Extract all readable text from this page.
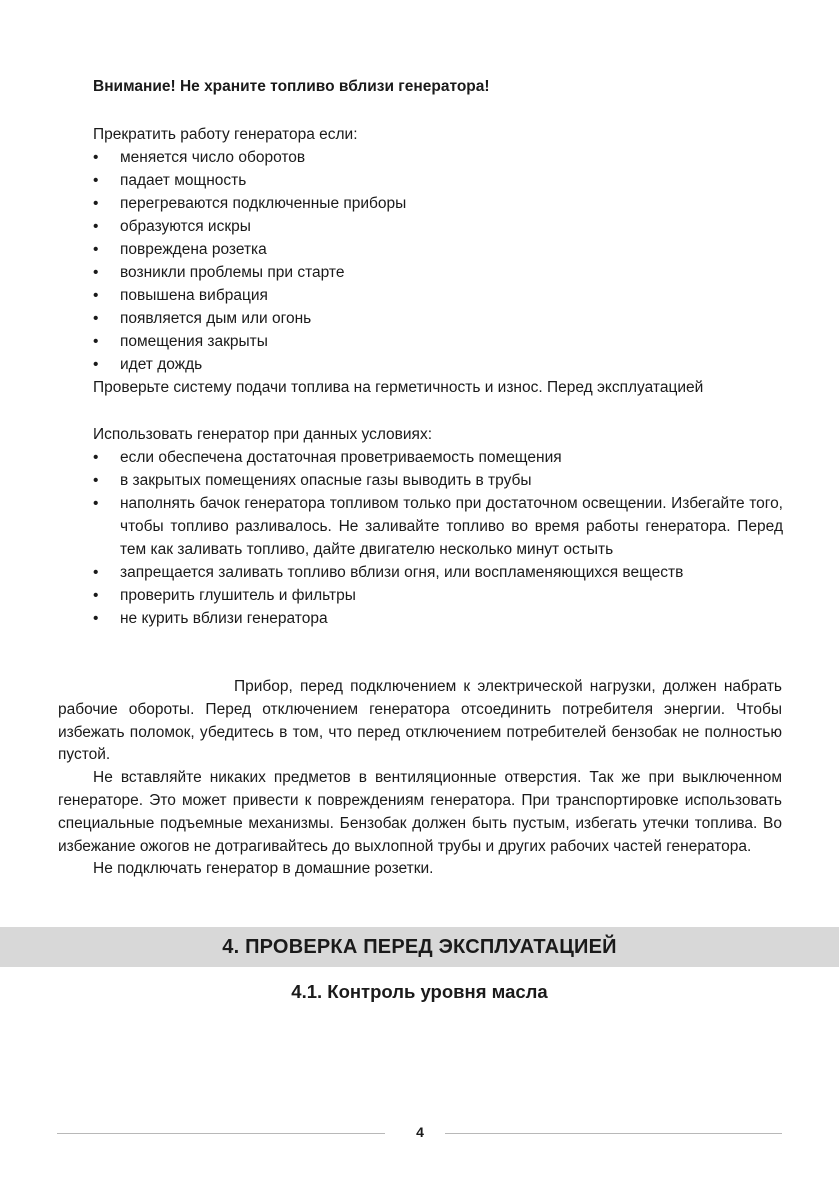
Внимание! Не храните топливо вблизи генератора!

Прекратить работу генератора если:

• меняется число оборотов
• падает мощность
• перегреваются подключенные приборы
• образуются искры
• повреждена розетка
• возникли проблемы при старте
• повышена вибрация
• появляется дым или огонь
• помещения закрыты
• идет дождь

Проверьте систему подачи топлива на герметичность и износ. Перед эксплуатацией

Использовать генератор при данных условиях:

• если обеспечена достаточная проветриваемость помещения
• в закрытых помещениях опасные газы выводить в трубы
• наполнять бачок генератора топливом только при достаточном освещении. Избегайте того, чтобы топливо разливалось. Не заливайте топливо во время работы генератора. Перед тем как заливать топливо, дайте двигателю несколько минут остыть
• запрещается заливать топливо вблизи огня, или воспламеняющихся веществ
• проверить глушитель и фильтры
• не курить вблизи генератора

Прибор, перед подключением к электрической нагрузки, должен набрать рабочие обороты. Перед отключением генератора отсоединить потребителя энергии. Чтобы избежать поломок, убедитесь в том, что перед отключением потребителей бензобак не полностью пустой.

Не вставляйте никаких предметов в вентиляционные отверстия. Так же при выключенном генераторе. Это может привести к повреждениям генератора. При транспортировке использовать специальные подъемные механизмы. Бензобак должен быть пустым, избегать утечки топлива. Во избежание ожогов не дотрагивайтесь до выхлопной трубы и других рабочих частей генератора.

Не подключать генератор в домашние розетки.

4. ПРОВЕРКА ПЕРЕД ЭКСПЛУАТАЦИЕЙ
4.1. Контроль уровня масла
4
